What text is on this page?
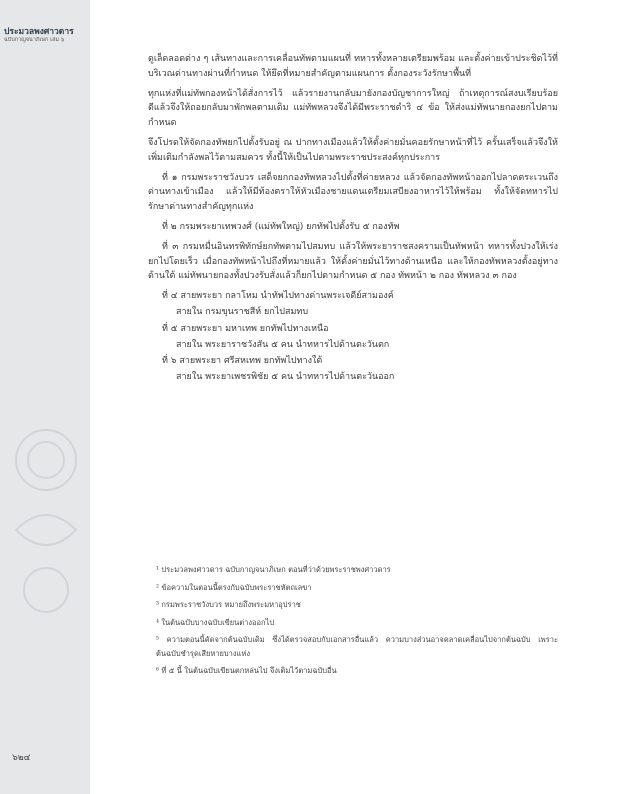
ประมวลพงศาวดาร
ฉบับกาญจนาภิเษก เล่ม ๖
๖๒๔

ดูเล็ดลอดต่าง ๆ เส้นทางและการเคลื่อนทัพตามแผนที่ ทหารทั้งหลายเตรียมพร้อม และตั้งค่ายเข้าประชิดไว้ที่บริเวณด่านทางผ่านที่กำหนด ให้ยึดที่หมายสำคัญตามแผนการ ตั้งกองระวังรักษาพื้นที่

ทุกแห่งที่แม่ทัพกองหน้าได้สั่งการไว้ แล้วรายงานกลับมายังกองบัญชาการใหญ่ ถ้าเหตุการณ์สงบเรียบร้อยดีแล้วจึงให้ถอยกลับมาพักพลตามเดิม แม่ทัพหลวงจึงได้มีพระราชดำริ ๔ ข้อ ให้ส่งแม่ทัพนายกองยกไปตามกำหนด

จึงโปรดให้จัดกองทัพยกไปตั้งรับอยู่ ณ ปากทางเมืองแล้วให้ตั้งค่ายมั่นคอยรักษาหน้าที่ไว้ ครั้นเสร็จแล้วจึงให้เพิ่มเติมกำลังพลไว้ตามสมควร ทั้งนี้ให้เป็นไปตามพระราชประสงค์ทุกประการ

ที่ ๑ กรมพระราชวังบวร เสด็จยกกองทัพหลวงไปตั้งที่ค่ายหลวง แล้วจัดกองทัพหน้าออกไปลาดตระเวนถึงด่านทางเข้าเมือง แล้วให้มีท้องตราให้หัวเมืองชายแดนเตรียมเสบียงอาหารไว้ให้พร้อม ทั้งให้จัดทหารไปรักษาด่านทางสำคัญทุกแห่ง

ที่ ๒ กรมพระยาเทพวงศ์ (แม่ทัพใหญ่) ยกทัพไปตั้งรับ ๕ กองทัพ

ที่ ๓ กรมหมื่นอินทรพิทักษ์ยกทัพตามไปสมทบ แล้วให้พระยาราชสงครามเป็นทัพหน้า ทหารทั้งปวงให้เร่งยกไปโดยเร็ว เมื่อกองทัพหน้าไปถึงที่หมายแล้ว ให้ตั้งค่ายมั่นไว้ทางด้านเหนือ และให้กองทัพหลวงตั้งอยู่ทางด้านใต้ แม่ทัพนายกองทั้งปวงรับสั่งแล้วก็ยกไปตามกำหนด ๕ กอง ทัพหน้า ๒ กอง ทัพหลวง ๓ กอง

ที่ ๔ สายพระยา กลาโหม นำทัพไปทางด่านพระเจดีย์สามองค์

สายใน กรมขุนราชสีห์ ยกไปสมทบ

ที่ ๕ สายพระยา มหาเทพ ยกทัพไปทางเหนือ

สายใน พระยาราชวังสัน ๕ คน นำทหารไปด้านตะวันตก

ที่ ๖ สายพระยา ศรีสหเทพ ยกทัพไปทางใต้

สายใน พระยาเพชรพิชัย ๕ คน นำทหารไปด้านตะวันออก

¹ ประมวลพงศาวดาร ฉบับกาญจนาภิเษก ตอนที่ว่าด้วยพระราชพงศาวดาร

² ข้อความในตอนนี้ตรงกับฉบับพระราชหัตถเลขา

³ กรมพระราชวังบวร หมายถึงพระมหาอุปราช

⁴ ในต้นฉบับบางฉบับเขียนต่างออกไป

⁵ ความตอนนี้คัดจากต้นฉบับเดิม ซึ่งได้ตรวจสอบกับเอกสารอื่นแล้ว ความบางส่วนอาจคลาดเคลื่อนไปจากต้นฉบับ เพราะต้นฉบับชำรุดเสียหายบางแห่ง

⁶ ที่ ๕ นี้ ในต้นฉบับเขียนตกหล่นไป จึงเติมไว้ตามฉบับอื่น
